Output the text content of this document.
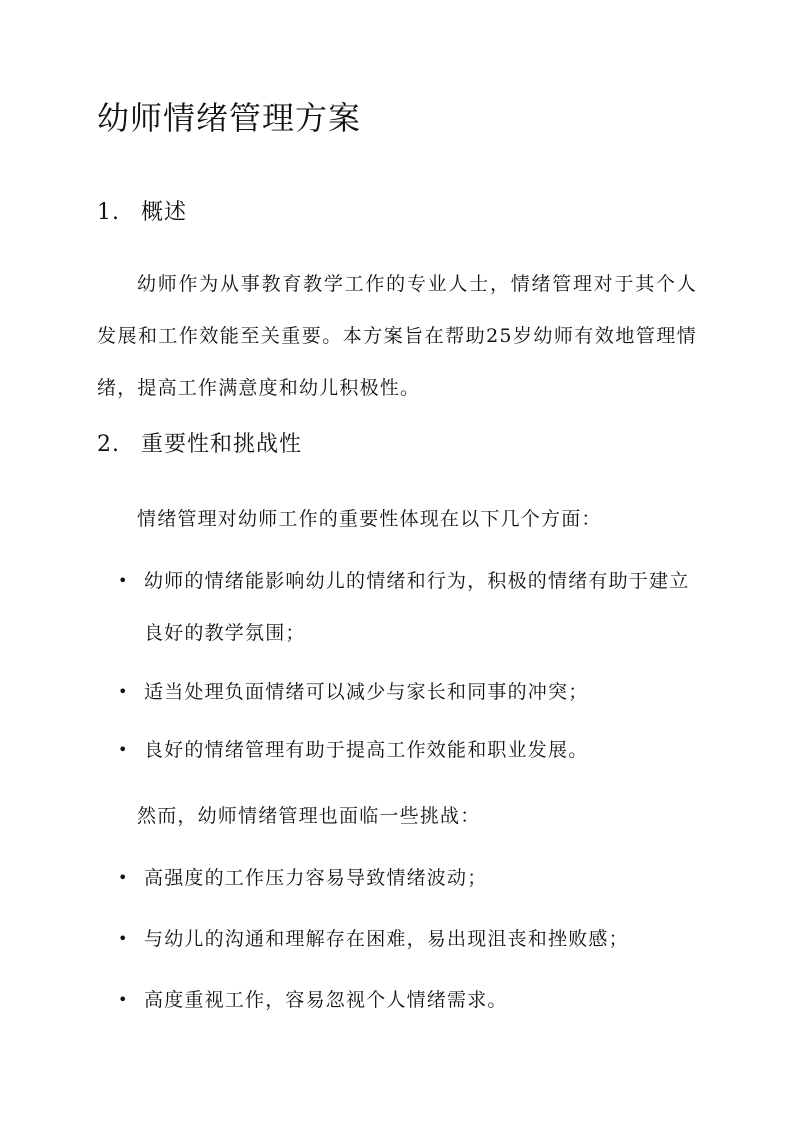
幼师情绪管理方案
1. 概述

幼师作为从事教育教学工作的专业人士，情绪管理对于其个人发展和工作效能至关重要。本方案旨在帮助25岁幼师有效地管理情绪，提高工作满意度和幼儿积极性。

2. 重要性和挑战性

情绪管理对幼师工作的重要性体现在以下几个方面：

• 幼师的情绪能影响幼儿的情绪和行为，积极的情绪有助于建立良好的教学氛围；
• 适当处理负面情绪可以减少与家长和同事的冲突；
• 良好的情绪管理有助于提高工作效能和职业发展。

然而，幼师情绪管理也面临一些挑战：

• 高强度的工作压力容易导致情绪波动；
• 与幼儿的沟通和理解存在困难，易出现沮丧和挫败感；
• 高度重视工作，容易忽视个人情绪需求。
